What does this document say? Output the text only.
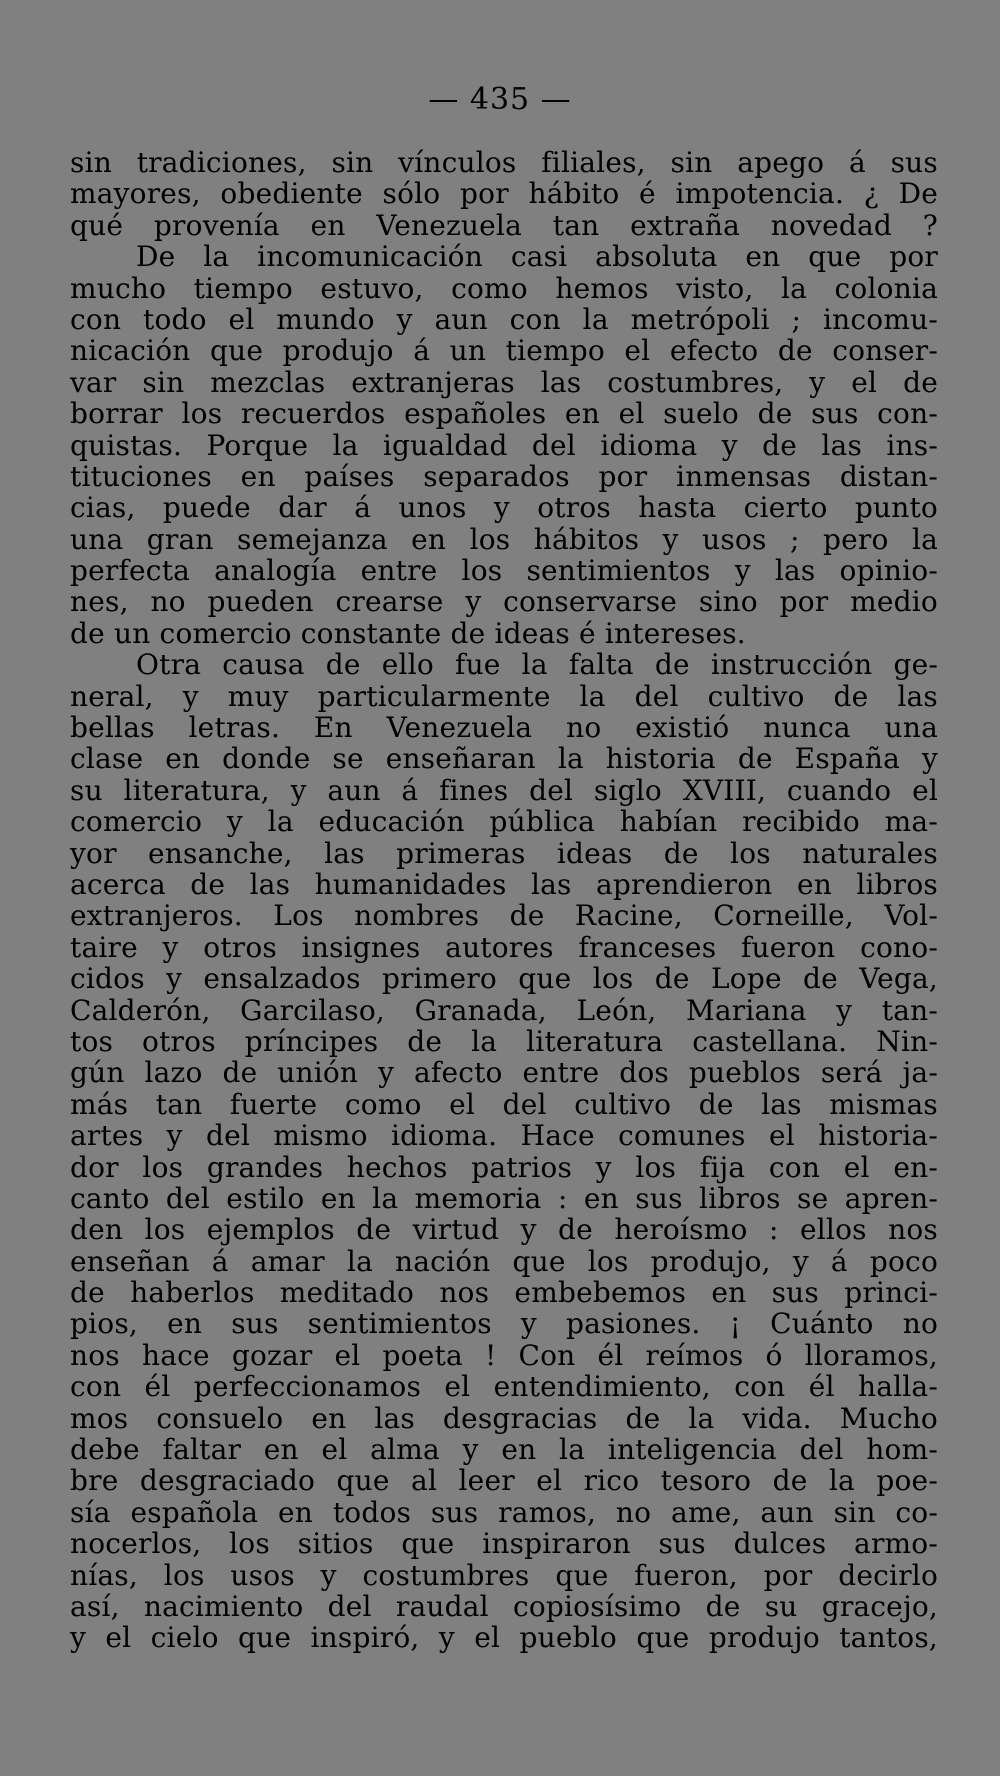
— 435 —
sin tradiciones, sin vínculos filiales, sin apego á sus
mayores, obediente sólo por hábito é impotencia. ¿ De
qué provenía en Venezuela tan extraña novedad ?
De la incomunicación casi absoluta en que por
mucho tiempo estuvo, como hemos visto, la colonia
con todo el mundo y aun con la metrópoli ; incomu-
nicación que produjo á un tiempo el efecto de conser-
var sin mezclas extranjeras las costumbres, y el de
borrar los recuerdos españoles en el suelo de sus con-
quistas. Porque la igualdad del idioma y de las ins-
tituciones en países separados por inmensas distan-
cias, puede dar á unos y otros hasta cierto punto
una gran semejanza en los hábitos y usos ; pero la
perfecta analogía entre los sentimientos y las opinio-
nes, no pueden crearse y conservarse sino por medio
de un comercio constante de ideas é intereses.
Otra causa de ello fue la falta de instrucción ge-
neral, y muy particularmente la del cultivo de las
bellas letras. En Venezuela no existió nunca una
clase en donde se enseñaran la historia de España y
su literatura, y aun á fines del siglo XVIII, cuando el
comercio y la educación pública habían recibido ma-
yor ensanche, las primeras ideas de los naturales
acerca de las humanidades las aprendieron en libros
extranjeros. Los nombres de Racine, Corneille, Vol-
taire y otros insignes autores franceses fueron cono-
cidos y ensalzados primero que los de Lope de Vega,
Calderón, Garcilaso, Granada, León, Mariana y tan-
tos otros príncipes de la literatura castellana. Nin-
gún lazo de unión y afecto entre dos pueblos será ja-
más tan fuerte como el del cultivo de las mismas
artes y del mismo idioma. Hace comunes el historia-
dor los grandes hechos patrios y los fija con el en-
canto del estilo en la memoria : en sus libros se apren-
den los ejemplos de virtud y de heroísmo : ellos nos
enseñan á amar la nación que los produjo, y á poco
de haberlos meditado nos embebemos en sus princi-
pios, en sus sentimientos y pasiones. ¡ Cuánto no
nos hace gozar el poeta ! Con él reímos ó lloramos,
con él perfeccionamos el entendimiento, con él halla-
mos consuelo en las desgracias de la vida. Mucho
debe faltar en el alma y en la inteligencia del hom-
bre desgraciado que al leer el rico tesoro de la poe-
sía española en todos sus ramos, no ame, aun sin co-
nocerlos, los sitios que inspiraron sus dulces armo-
nías, los usos y costumbres que fueron, por decirlo
así, nacimiento del raudal copiosísimo de su gracejo,
y el cielo que inspiró, y el pueblo que produjo tantos,
